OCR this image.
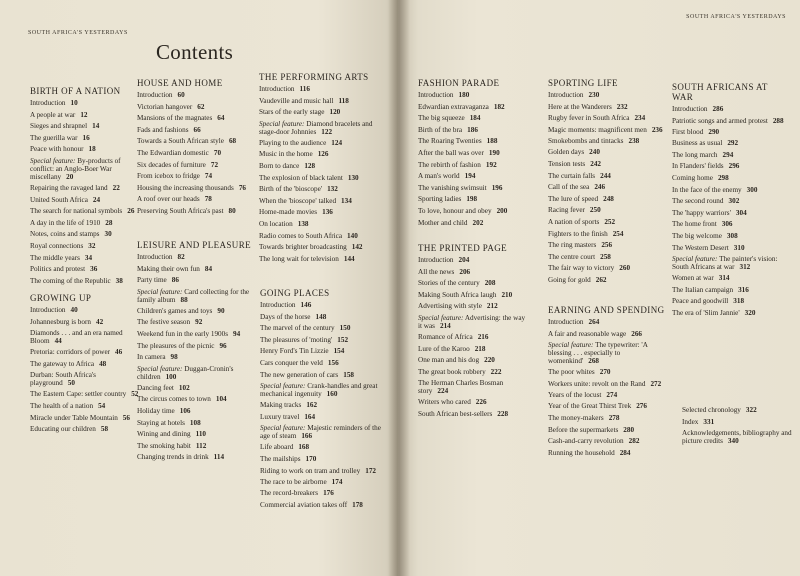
SOUTH AFRICA'S YESTERDAYS
Contents
SOUTH AFRICA'S YESTERDAYS
BIRTH OF A NATION
Introduction 10
A people at war 12
Sieges and shrapnel 14
The guerilla war 16
Peace with honour 18
Special feature: By-products of conflict: an Anglo-Boer War miscellany 20
Repairing the ravaged land 22
United South Africa 24
The search for national symbols 26
A day in the life of 1910 28
Notes, coins and stamps 30
Royal connections 32
The middle years 34
Politics and protest 36
The coming of the Republic 38
GROWING UP
Introduction 40
Johannesburg is born 42
Diamonds . . . and an era named Bloom 44
Pretoria: corridors of power 46
The gateway to Africa 48
Durban: South Africa's playground 50
The Eastern Cape: settler country 52
The health of a nation 54
Miracle under Table Mountain 56
Educating our children 58
HOUSE AND HOME
Introduction 60
Victorian hangover 62
Mansions of the magnates 64
Fads and fashions 66
Towards a South African style 68
The Edwardian domestic 70
Six decades of furniture 72
From icebox to fridge 74
Housing the increasing thousands 76
A roof over our heads 78
Preserving South Africa's past 80
LEISURE AND PLEASURE
Introduction 82
Making their own fun 84
Party time 86
Special feature: Card collecting for the family album 88
Children's games and toys 90
The festive season 92
Weekend fun in the early 1900s 94
The pleasures of the picnic 96
In camera 98
Special feature: Duggan-Cronin's children 100
Dancing feet 102
The circus comes to town 104
Holiday time 106
Staying at hotels 108
Wining and dining 110
The smoking habit 112
Changing trends in drink 114
THE PERFORMING ARTS
Introduction 116
Vaudeville and music hall 118
Stars of the early stage 120
Special feature: Diamond bracelets and stage-door Johnnies 122
Playing to the audience 124
Music in the home 126
Born to dance 128
The explosion of black talent 130
Birth of the 'bioscope' 132
When the 'bioscope' talked 134
Home-made movies 136
On location 138
Radio comes to South Africa 140
Towards brighter broadcasting 142
The long wait for television 144
GOING PLACES
Introduction 146
Days of the horse 148
The marvel of the century 150
The pleasures of 'moting' 152
Henry Ford's Tin Lizzie 154
Cars conquer the veld 156
The new generation of cars 158
Special feature: Crank-handles and great mechanical ingenuity 160
Making tracks 162
Luxury travel 164
Special feature: Majestic reminders of the age of steam 166
Life aboard 168
The mailships 170
Riding to work on tram and trolley 172
The race to be airborne 174
The record-breakers 176
Commercial aviation takes off 178
FASHION PARADE
Introduction 180
Edwardian extravaganza 182
The big squeeze 184
Birth of the bra 186
The Roaring Twenties 188
After the ball was over 190
The rebirth of fashion 192
A man's world 194
The vanishing swimsuit 196
Sporting ladies 198
To love, honour and obey 200
Mother and child 202
THE PRINTED PAGE
Introduction 204
All the news 206
Stories of the century 208
Making South Africa laugh 210
Advertising with style 212
Special feature: Advertising: the way it was 214
Romance of Africa 216
Lure of the Karoo 218
One man and his dog 220
The great book robbery 222
The Herman Charles Bosman story 224
Writers who cared 226
South African best-sellers 228
SPORTING LIFE
Introduction 230
Here at the Wanderers 232
Rugby fever in South Africa 234
Magic moments: magnificent men 236
Smokebombs and tintacks 238
Golden days 240
Tension tests 242
The curtain falls 244
Call of the sea 246
The lure of speed 248
Racing fever 250
A nation of sports 252
Fighters to the finish 254
The ring masters 256
The centre court 258
The fair way to victory 260
Going for gold 262
EARNING AND SPENDING
Introduction 264
A fair and reasonable wage 266
Special feature: The typewriter: 'A blessing . . . especially to womenkind' 268
The poor whites 270
Workers unite: revolt on the Rand 272
Years of the locust 274
Year of the Great Thirst Trek 276
The money-makers 278
Before the supermarkets 280
Cash-and-carry revolution 282
Running the household 284
SOUTH AFRICANS AT WAR
Introduction 286
Patriotic songs and armed protest 288
First blood 290
Business as usual 292
The long march 294
In Flanders' fields 296
Coming home 298
In the face of the enemy 300
The second round 302
The 'happy warriors' 304
The home front 306
The big welcome 308
The Western Desert 310
Special feature: The painter's vision: South Africans at war 312
Women at war 314
The Italian campaign 316
Peace and goodwill 318
The era of 'Slim Jannie' 320
Selected chronology 322
Index 331
Acknowledgements, bibliography and picture credits 340
